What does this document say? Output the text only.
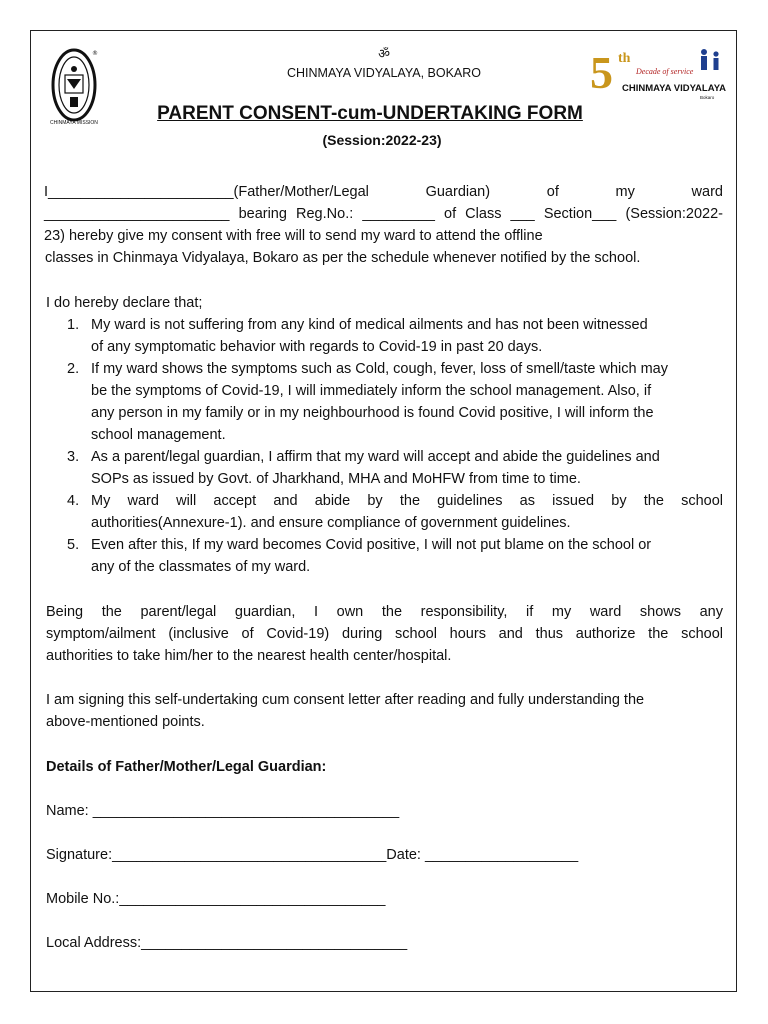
®
CHINMAYA MISSION
5 th
Decade of service
CHINMAYA VIDYALAYA
Bokaro
ॐ
CHINMAYA VIDYALAYA, BOKARO
PARENT CONSENT-cum-UNDERTAKING FORM
(Session:2022-23)
I_______________________(Father/Mother/Legal Guardian) of my ward
_______________________ bearing Reg.No.: _________ of Class ___ Section___ (Session:2022-
23) hereby give my consent with free will to send my ward to attend the offline
classes in Chinmaya Vidyalaya, Bokaro as per the schedule whenever notified by the school.
I do hereby declare that;
1. My ward is not suffering from any kind of medical ailments and has not been witnessed
of any symptomatic behavior with regards to Covid-19 in past 20 days.
2. If my ward shows the symptoms such as Cold, cough, fever, loss of smell/taste which may
be the symptoms of Covid-19, I will immediately inform the school management. Also, if
any person in my family or in my neighbourhood is found Covid positive, I will inform the
school management.
3. As a parent/legal guardian, I affirm that my ward will accept and abide the guidelines and
SOPs as issued by Govt. of Jharkhand, MHA and MoHFW from time to time.
4. My ward will accept and abide by the guidelines as issued by the school
authorities(Annexure-1). and ensure compliance of government guidelines.
5. Even after this, If my ward becomes Covid positive, I will not put blame on the school or
any of the classmates of my ward.
Being the parent/legal guardian, I own the responsibility, if my ward shows any
symptom/ailment (inclusive of Covid-19) during school hours and thus authorize the school
authorities to take him/her to the nearest health center/hospital.
I am signing this self-undertaking cum consent letter after reading and fully understanding the
above-mentioned points.
Details of Father/Mother/Legal Guardian:
Name: ______________________________________
Signature:__________________________________Date: ___________________
Mobile No.:_________________________________
Local Address:_________________________________
